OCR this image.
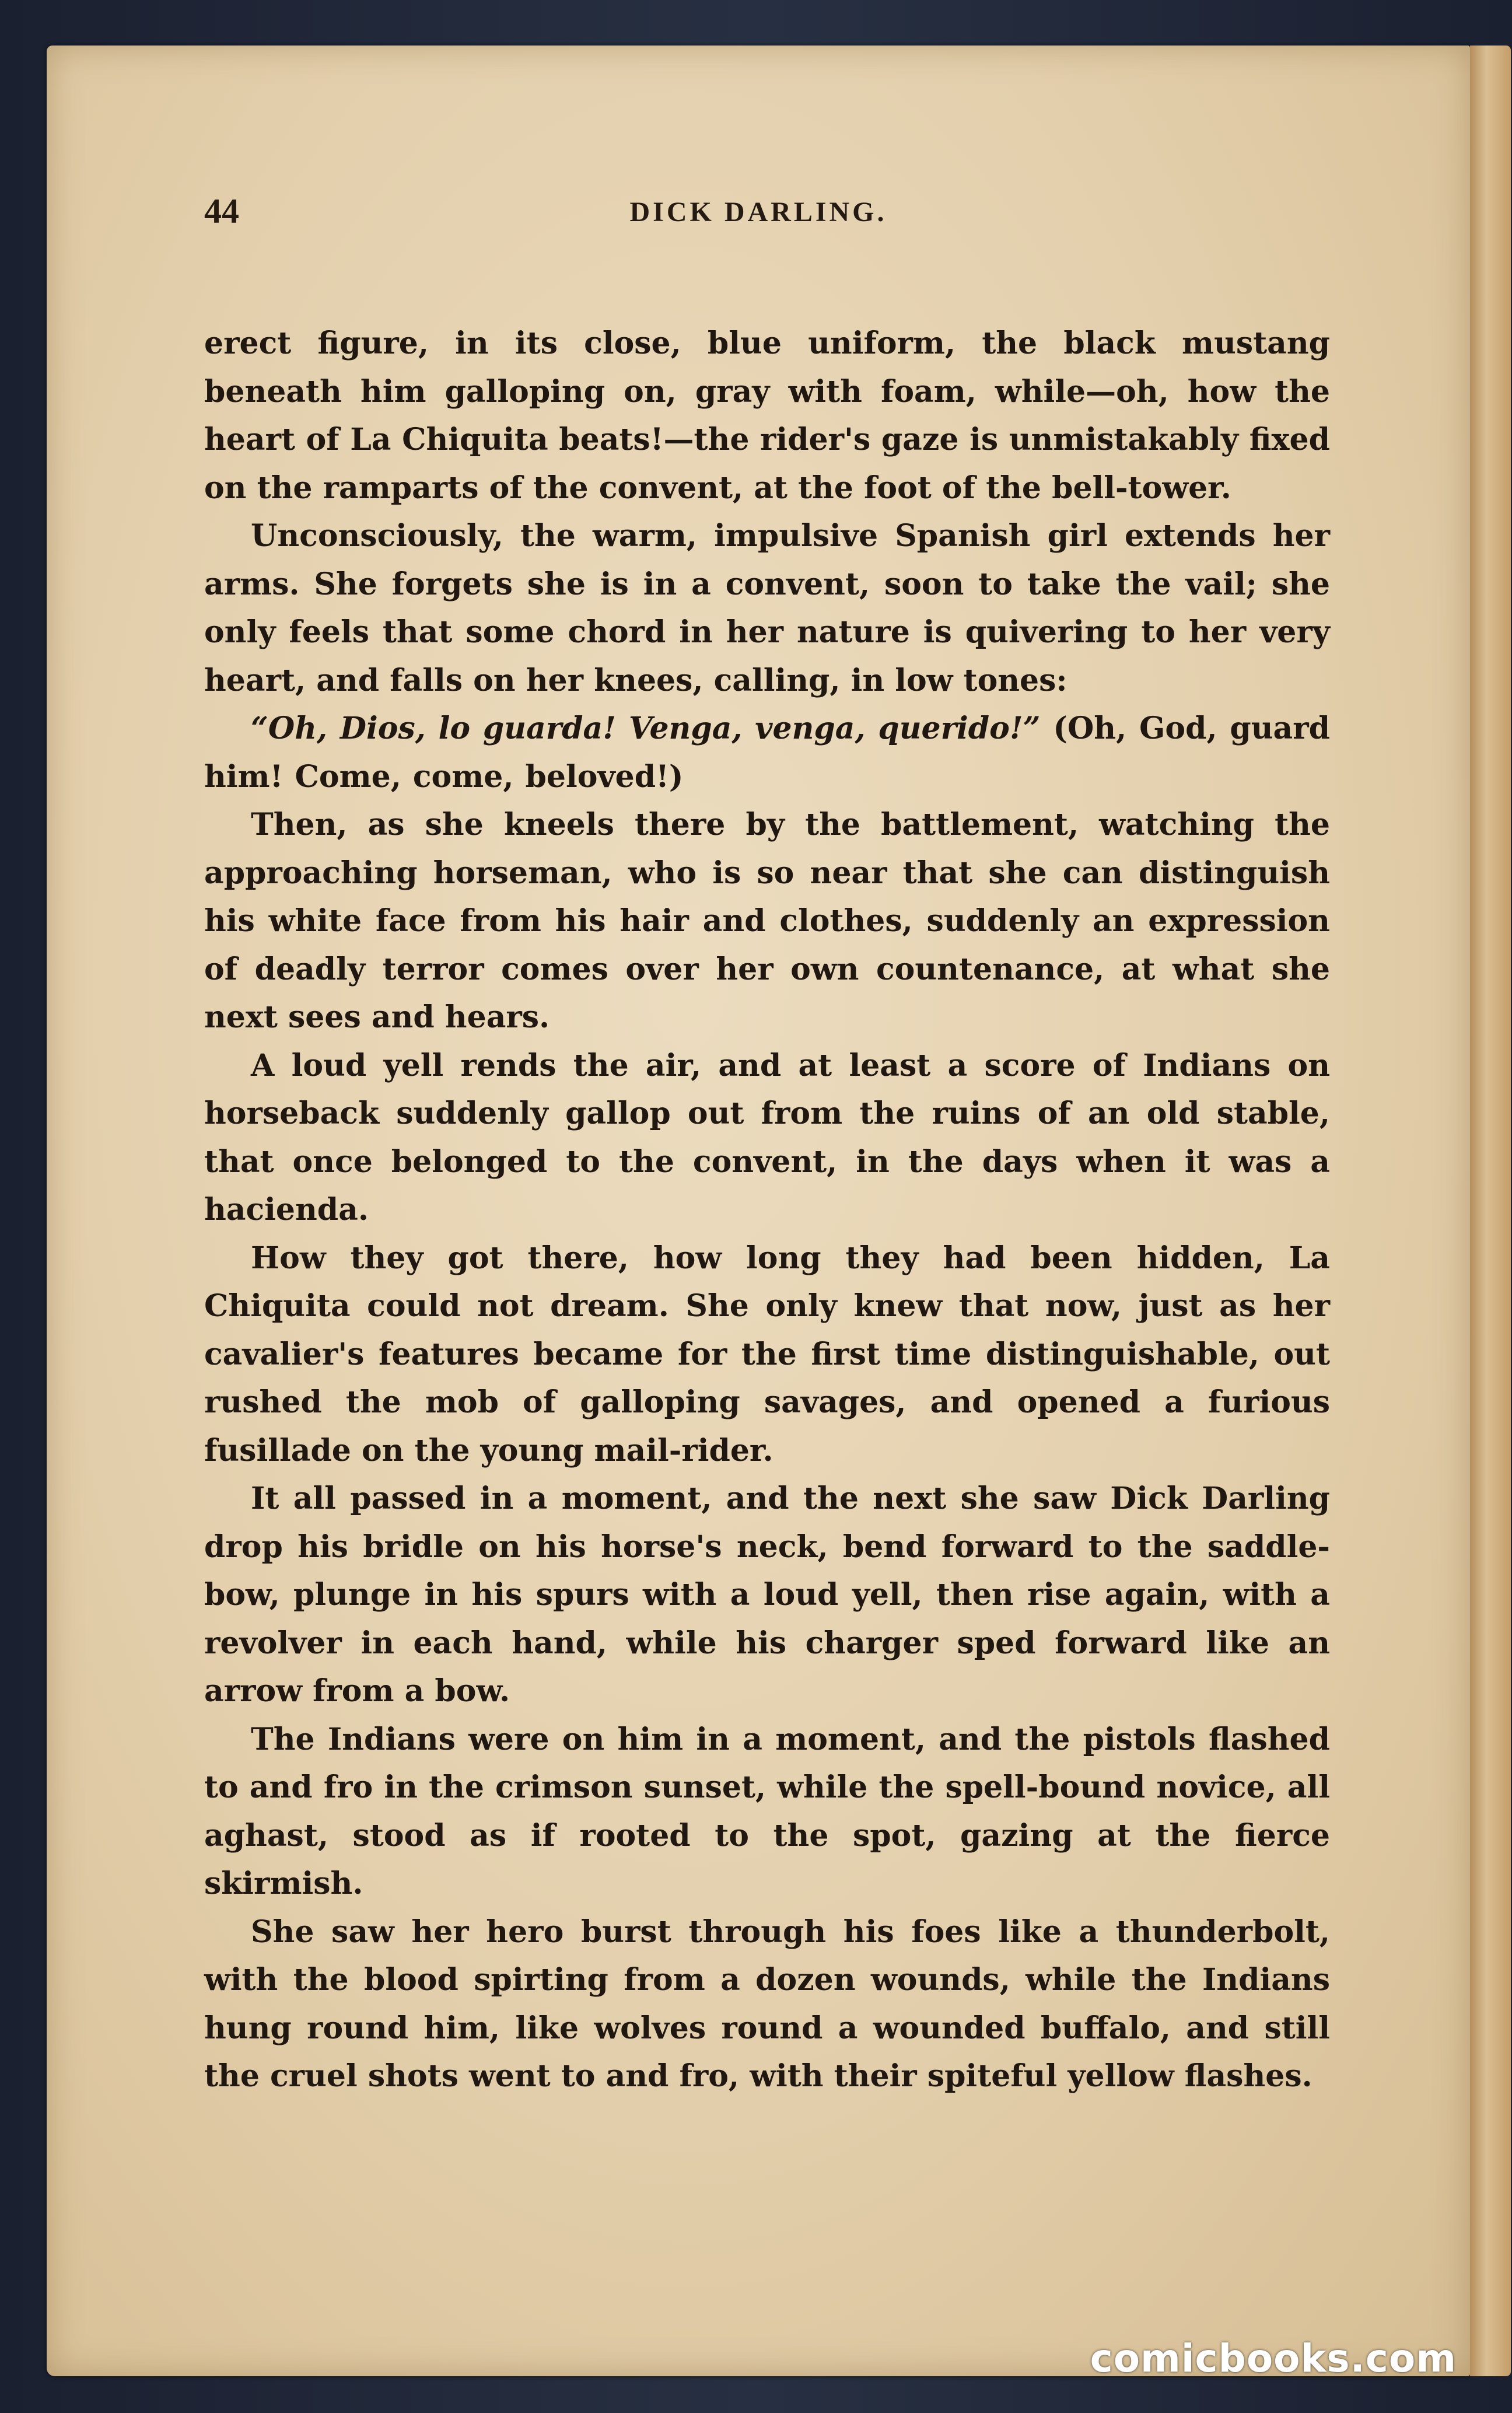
44	DICK DARLING.

erect figure, in its close, blue uniform, the black mustang beneath him galloping on, gray with foam, while—oh, how the heart of La Chiquita beats!—the rider's gaze is unmistakably fixed on the ramparts of the convent, at the foot of the bell-tower.

Unconsciously, the warm, impulsive Spanish girl extends her arms. She forgets she is in a convent, soon to take the vail; she only feels that some chord in her nature is quivering to her very heart, and falls on her knees, calling, in low tones:

“Oh, Dios, lo guarda! Venga, venga, querido!” (Oh, God, guard him! Come, come, beloved!)

Then, as she kneels there by the battlement, watching the approaching horseman, who is so near that she can distinguish his white face from his hair and clothes, suddenly an expression of deadly terror comes over her own countenance, at what she next sees and hears.

A loud yell rends the air, and at least a score of Indians on horseback suddenly gallop out from the ruins of an old stable, that once belonged to the convent, in the days when it was a hacienda.

How they got there, how long they had been hidden, La Chiquita could not dream. She only knew that now, just as her cavalier's features became for the first time distinguishable, out rushed the mob of galloping savages, and opened a furious fusillade on the young mail-rider.

It all passed in a moment, and the next she saw Dick Darling drop his bridle on his horse's neck, bend forward to the saddle-bow, plunge in his spurs with a loud yell, then rise again, with a revolver in each hand, while his charger sped forward like an arrow from a bow.

The Indians were on him in a moment, and the pistols flashed to and fro in the crimson sunset, while the spell-bound novice, all aghast, stood as if rooted to the spot, gazing at the fierce skirmish.

She saw her hero burst through his foes like a thunderbolt, with the blood spirting from a dozen wounds, while the Indians hung round him, like wolves round a wounded buffalo, and still the cruel shots went to and fro, with their spiteful yellow flashes.

comicbooks.com
